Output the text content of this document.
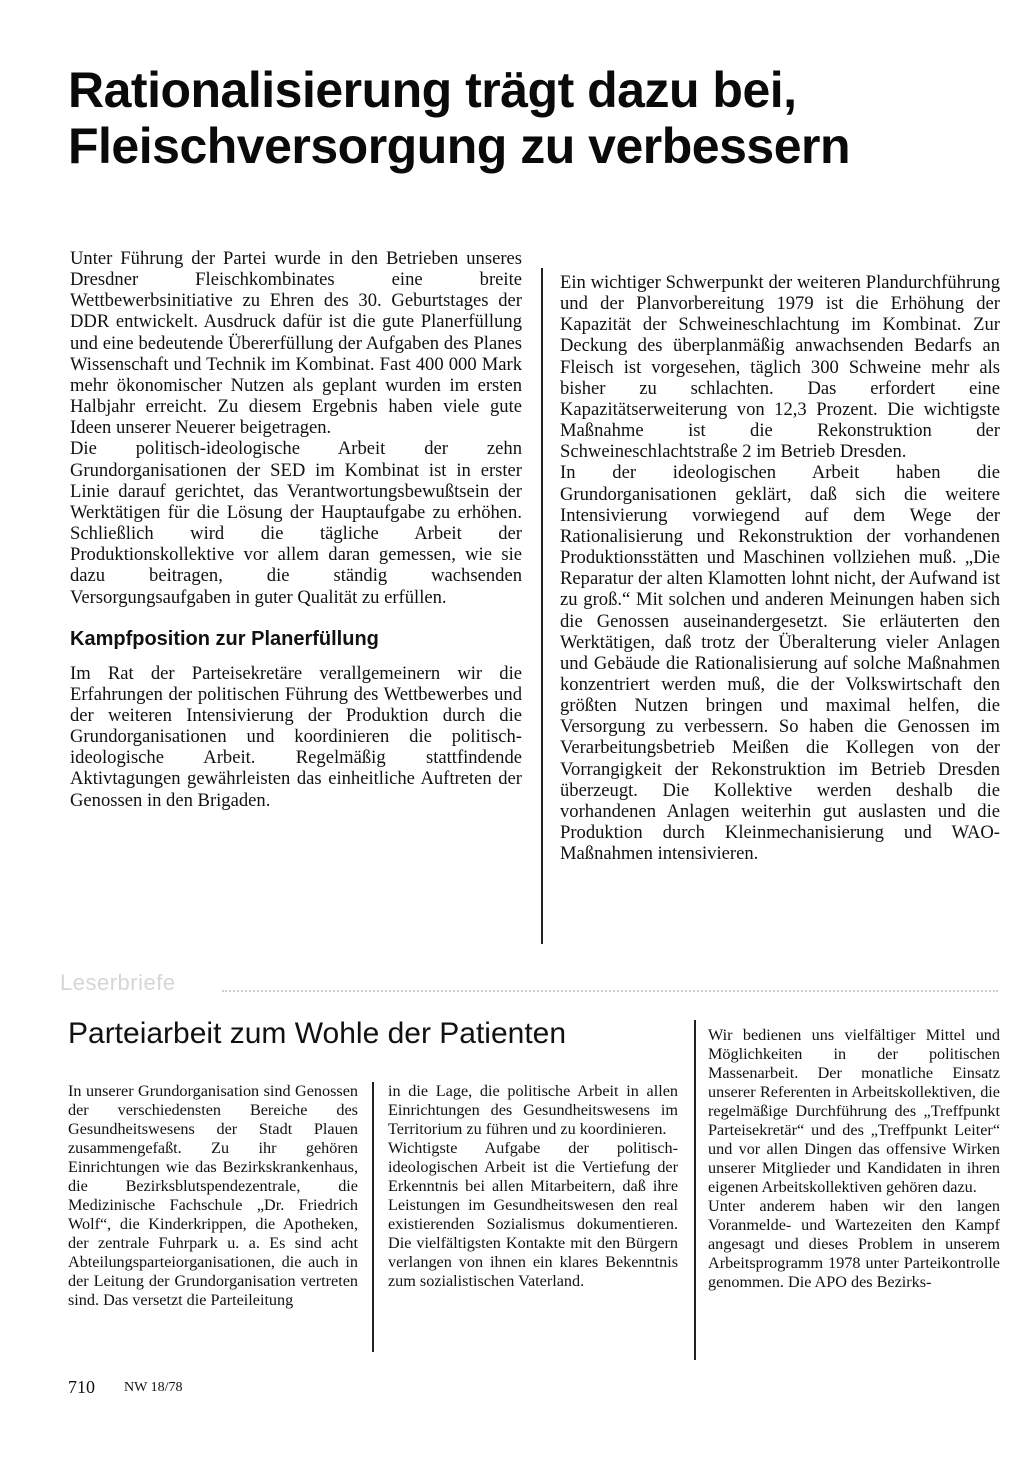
Rationalisierung trägt dazu bei, Fleischversorgung zu verbessern

Unter Führung der Partei wurde in den Betrieben unseres Dresdner Fleischkombinates eine breite Wettbewerbsinitiative zu Ehren des 30. Geburtstages der DDR entwickelt. Ausdruck dafür ist die gute Planerfüllung und eine bedeutende Übererfüllung der Aufgaben des Planes Wissenschaft und Technik im Kombinat. Fast 400 000 Mark mehr ökonomischer Nutzen als geplant wurden im ersten Halbjahr erreicht. Zu diesem Ergebnis haben viele gute Ideen unserer Neuerer beigetragen.

Die politisch-ideologische Arbeit der zehn Grundorganisationen der SED im Kombinat ist in erster Linie darauf gerichtet, das Verantwortungsbewußtsein der Werktätigen für die Lösung der Hauptaufgabe zu erhöhen. Schließlich wird die tägliche Arbeit der Produktionskollektive vor allem daran gemessen, wie sie dazu beitragen, die ständig wachsenden Versorgungsaufgaben in guter Qualität zu erfüllen.

Kampfposition zur Planerfüllung

Im Rat der Parteisekretäre verallgemeinern wir die Erfahrungen der politischen Führung des Wettbewerbes und der weiteren Intensivierung der Produktion durch die Grundorganisationen und koordinieren die politisch-ideologische Arbeit. Regelmäßig stattfindende Aktivtagungen gewährleisten das einheitliche Auftreten der Genossen in den Brigaden.

Ein wichtiger Schwerpunkt der weiteren Plandurchführung und der Planvorbereitung 1979 ist die Erhöhung der Kapazität der Schweineschlachtung im Kombinat. Zur Deckung des überplanmäßig anwachsenden Bedarfs an Fleisch ist vorgesehen, täglich 300 Schweine mehr als bisher zu schlachten. Das erfordert eine Kapazitätserweiterung von 12,3 Prozent. Die wichtigste Maßnahme ist die Rekonstruktion der Schweineschlachtstraße 2 im Betrieb Dresden.

In der ideologischen Arbeit haben die Grundorganisationen geklärt, daß sich die weitere Intensivierung vorwiegend auf dem Wege der Rationalisierung und Rekonstruktion der vorhandenen Produktionsstätten und Maschinen vollziehen muß. „Die Reparatur der alten Klamotten lohnt nicht, der Aufwand ist zu groß.“ Mit solchen und anderen Meinungen haben sich die Genossen auseinandergesetzt. Sie erläuterten den Werktätigen, daß trotz der Überalterung vieler Anlagen und Gebäude die Rationalisierung auf solche Maßnahmen konzentriert werden muß, die der Volkswirtschaft den größten Nutzen bringen und maximal helfen, die Versorgung zu verbessern. So haben die Genossen im Verarbeitungsbetrieb Meißen die Kollegen von der Vorrangigkeit der Rekonstruktion im Betrieb Dresden überzeugt. Die Kollektive werden deshalb die vorhandenen Anlagen weiterhin gut auslasten und die Produktion durch Kleinmechanisierung und WAO-Maßnahmen intensivieren.

Leserbriefe
Parteiarbeit zum Wohle der Patienten

In unserer Grundorganisation sind Genossen der verschiedensten Bereiche des Gesundheitswesens der Stadt Plauen zusammengefaßt. Zu ihr gehören Einrichtungen wie das Bezirkskrankenhaus, die Bezirksblutspendezentrale, die Medizinische Fachschule „Dr. Friedrich Wolf“, die Kinderkrippen, die Apotheken, der zentrale Fuhrpark u. a. Es sind acht Abteilungsparteiorganisationen, die auch in der Leitung der Grundorganisation vertreten sind. Das versetzt die Parteileitung

in die Lage, die politische Arbeit in allen Einrichtungen des Gesundheitswesens im Territorium zu führen und zu koordinieren.

Wichtigste Aufgabe der politisch-ideologischen Arbeit ist die Vertiefung der Erkenntnis bei allen Mitarbeitern, daß ihre Leistungen im Gesundheitswesen den real existierenden Sozialismus dokumentieren. Die vielfältigsten Kontakte mit den Bürgern verlangen von ihnen ein klares Bekenntnis zum sozialistischen Vaterland.

Wir bedienen uns vielfältiger Mittel und Möglichkeiten in der politischen Massenarbeit. Der monatliche Einsatz unserer Referenten in Arbeitskollektiven, die regelmäßige Durchführung des „Treffpunkt Parteisekretär“ und des „Treffpunkt Leiter“ und vor allen Dingen das offensive Wirken unserer Mitglieder und Kandidaten in ihren eigenen Arbeitskollektiven gehören dazu.

Unter anderem haben wir den langen Voranmelde- und Wartezeiten den Kampf angesagt und dieses Problem in unserem Arbeitsprogramm 1978 unter Parteikontrolle genommen. Die APO des Bezirks-

710 NW 18/78
